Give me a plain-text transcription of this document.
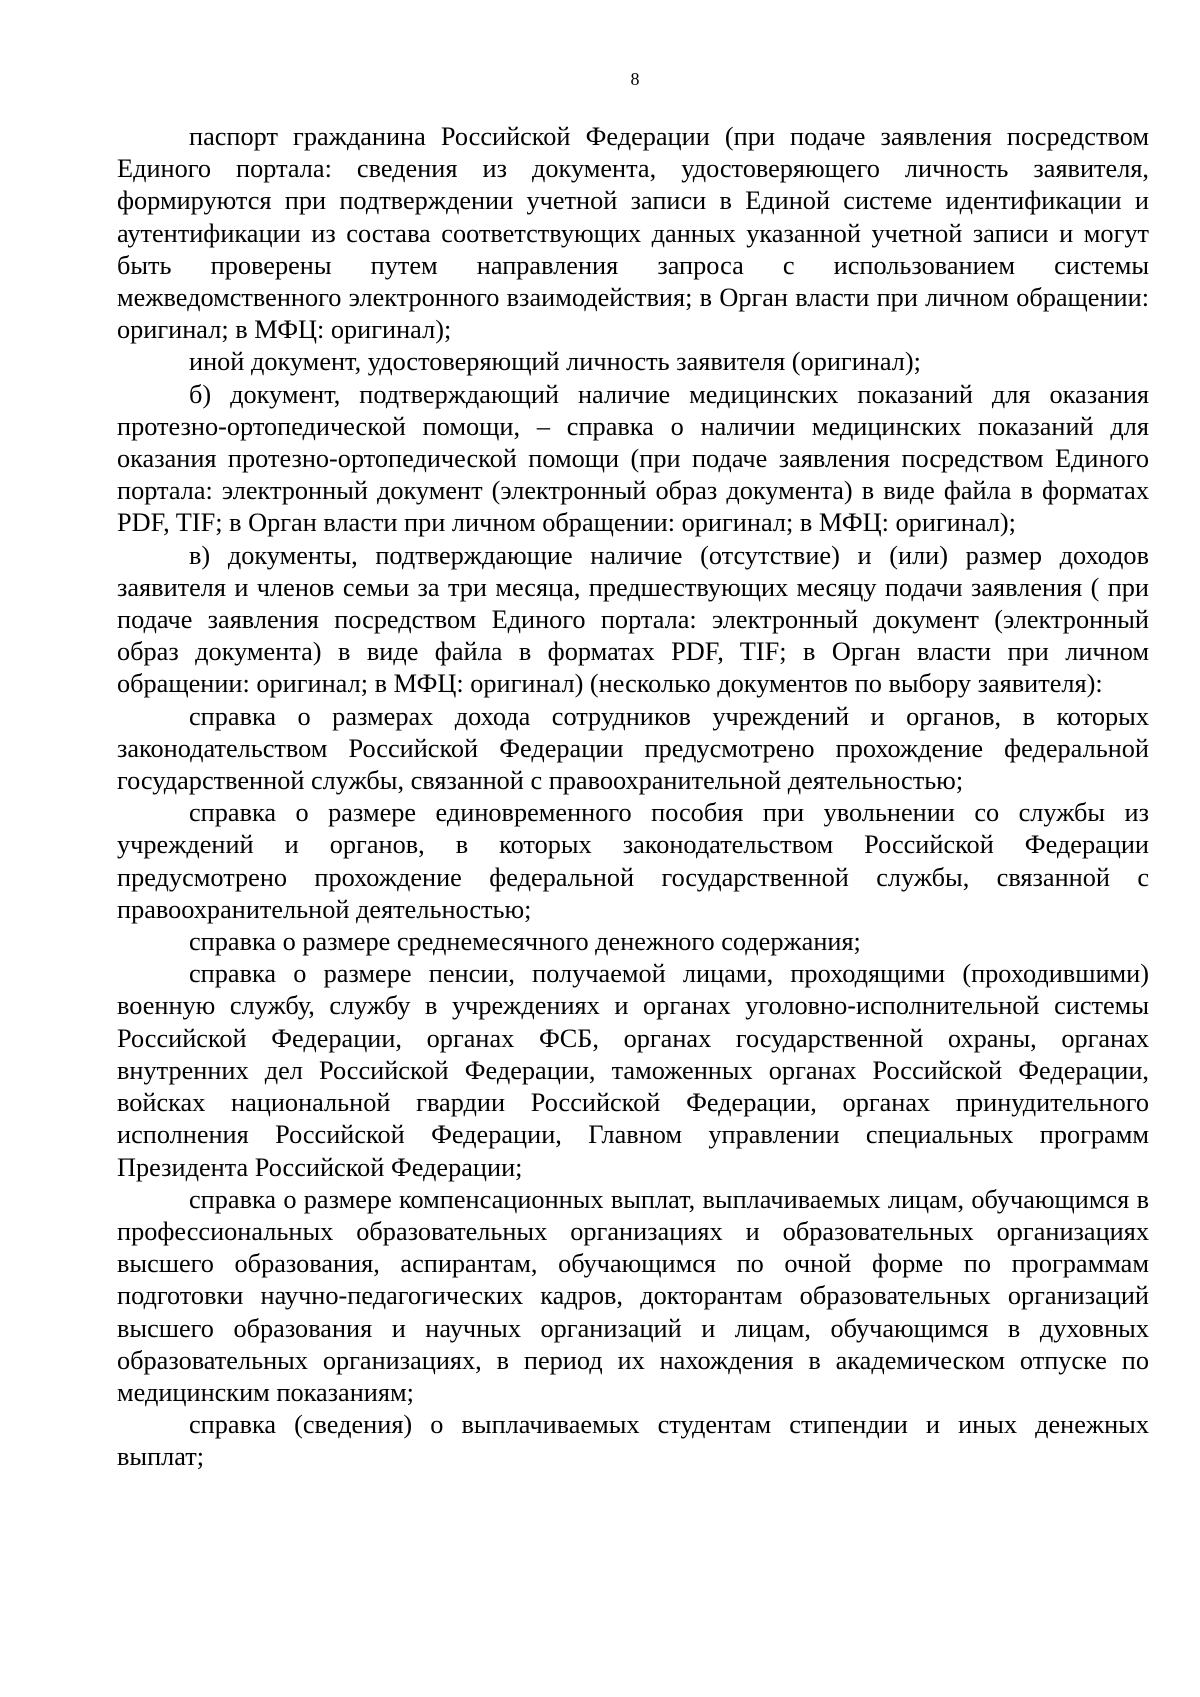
8

паспорт гражданина Российской Федерации (при подаче заявления посредством Единого портала: сведения из документа, удостоверяющего личность заявителя, формируются при подтверждении учетной записи в Единой системе идентификации и аутентификации из состава соответствующих данных указанной учетной записи и могут быть проверены путем направления запроса с использованием системы межведомственного электронного взаимодействия; в Орган власти при личном обращении: оригинал; в МФЦ: оригинал);

иной документ, удостоверяющий личность заявителя (оригинал);

б) документ, подтверждающий наличие медицинских показаний для оказания протезно-ортопедической помощи, – справка о наличии медицинских показаний для оказания протезно-ортопедической помощи (при подаче заявления посредством Единого портала: электронный документ (электронный образ документа) в виде файла в форматах PDF, TIF; в Орган власти при личном обращении: оригинал; в МФЦ: оригинал);

в) документы, подтверждающие наличие (отсутствие) и (или) размер доходов заявителя и членов семьи за три месяца, предшествующих месяцу подачи заявления ( при подаче заявления посредством Единого портала: электронный документ (электронный образ документа) в виде файла в форматах PDF, TIF; в Орган власти при личном обращении: оригинал; в МФЦ: оригинал) (несколько документов по выбору заявителя):

справка о размерах дохода сотрудников учреждений и органов, в которых законодательством Российской Федерации предусмотрено прохождение федеральной государственной службы, связанной с правоохранительной деятельностью;

справка о размере единовременного пособия при увольнении со службы из учреждений и органов, в которых законодательством Российской Федерации предусмотрено прохождение федеральной государственной службы, связанной с правоохранительной деятельностью;

справка о размере среднемесячного денежного содержания;

справка о размере пенсии, получаемой лицами, проходящими (проходившими) военную службу, службу в учреждениях и органах уголовно-исполнительной системы Российской Федерации, органах ФСБ, органах государственной охраны, органах внутренних дел Российской Федерации, таможенных органах Российской Федерации, войсках национальной гвардии Российской Федерации, органах принудительного исполнения Российской Федерации, Главном управлении специальных программ Президента Российской Федерации;

справка о размере компенсационных выплат, выплачиваемых лицам, обучающимся в профессиональных образовательных организациях и образовательных организациях высшего образования, аспирантам, обучающимся по очной форме по программам подготовки научно-педагогических кадров, докторантам образовательных организаций высшего образования и научных организаций и лицам, обучающимся в духовных образовательных организациях, в период их нахождения в академическом отпуске по медицинским показаниям;

справка (сведения) о выплачиваемых студентам стипендии и иных денежных выплат;
